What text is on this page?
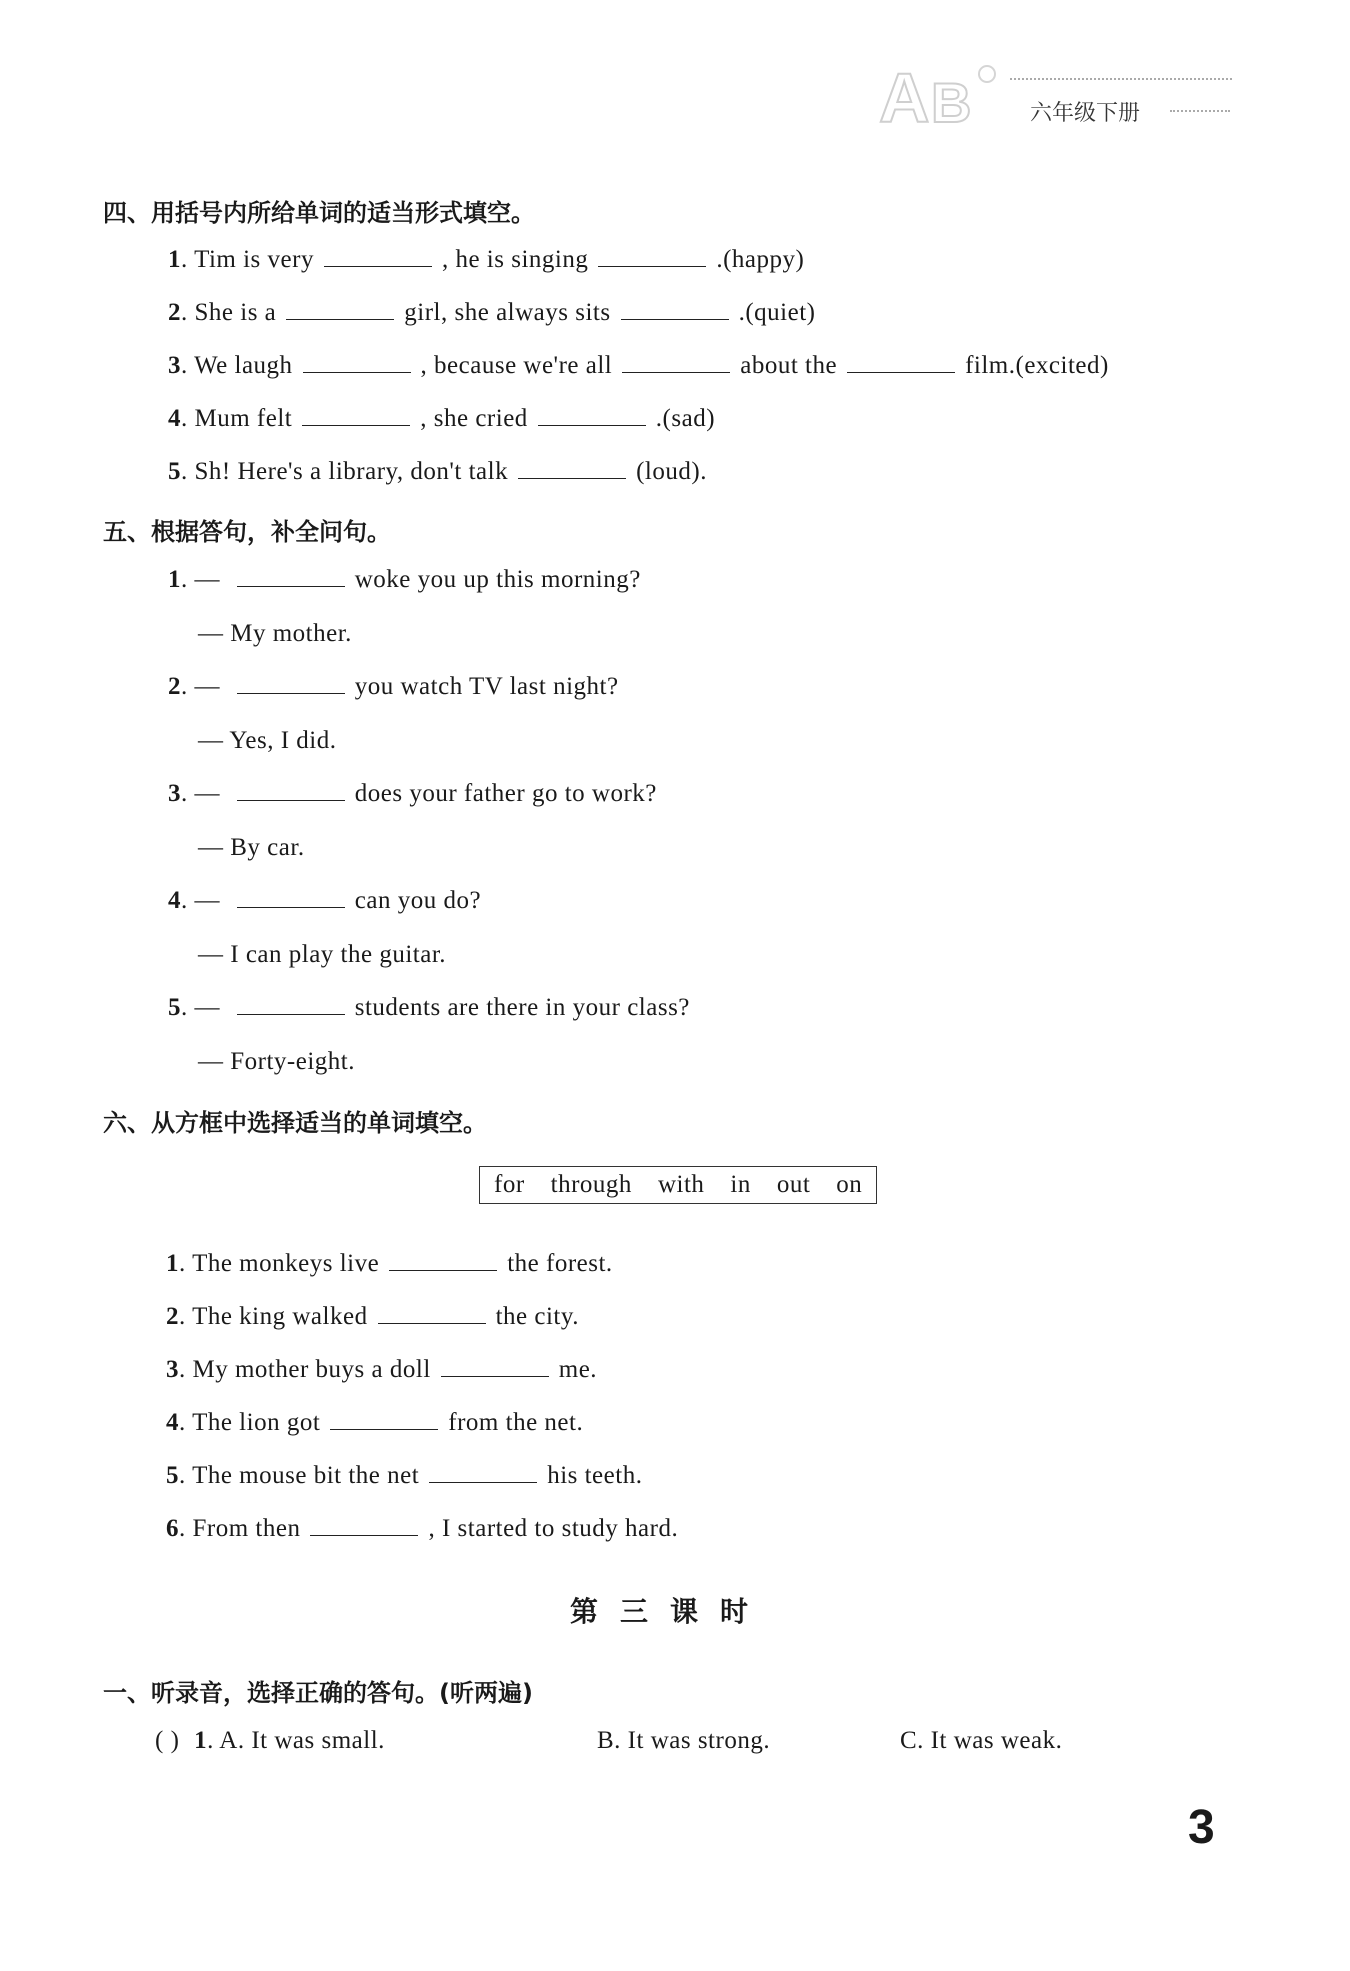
A B	六年级下册
四、用括号内所给单词的适当形式填空。
1. Tim is very	, he is singing	.(happy)
2. She is a	girl, she always sits	.(quiet)
3. We laugh	, because we're all	about the	film.(excited)
4. Mum felt	, she cried	.(sad)
5. Sh! Here's a library, don't talk	(loud).
五、根据答句，补全问句。
1. —	woke you up this morning?
— My mother.
2. —	you watch TV last night?
— Yes, I did.
3. —	does your father go to work?
— By car.
4. —	can you do?
— I can play the guitar.
5. —	students are there in your class?
— Forty-eight.
六、从方框中选择适当的单词填空。
for through with in out on
1. The monkeys live	the forest.
2. The king walked	the city.
3. My mother buys a doll	me.
4. The lion got	from the net.
5. The mouse bit the net	his teeth.
6. From then	, I started to study hard.
第三课时
一、听录音，选择正确的答句。(听两遍)
( ) 1. A. It was small.	B. It was strong.	C. It was weak.
3
